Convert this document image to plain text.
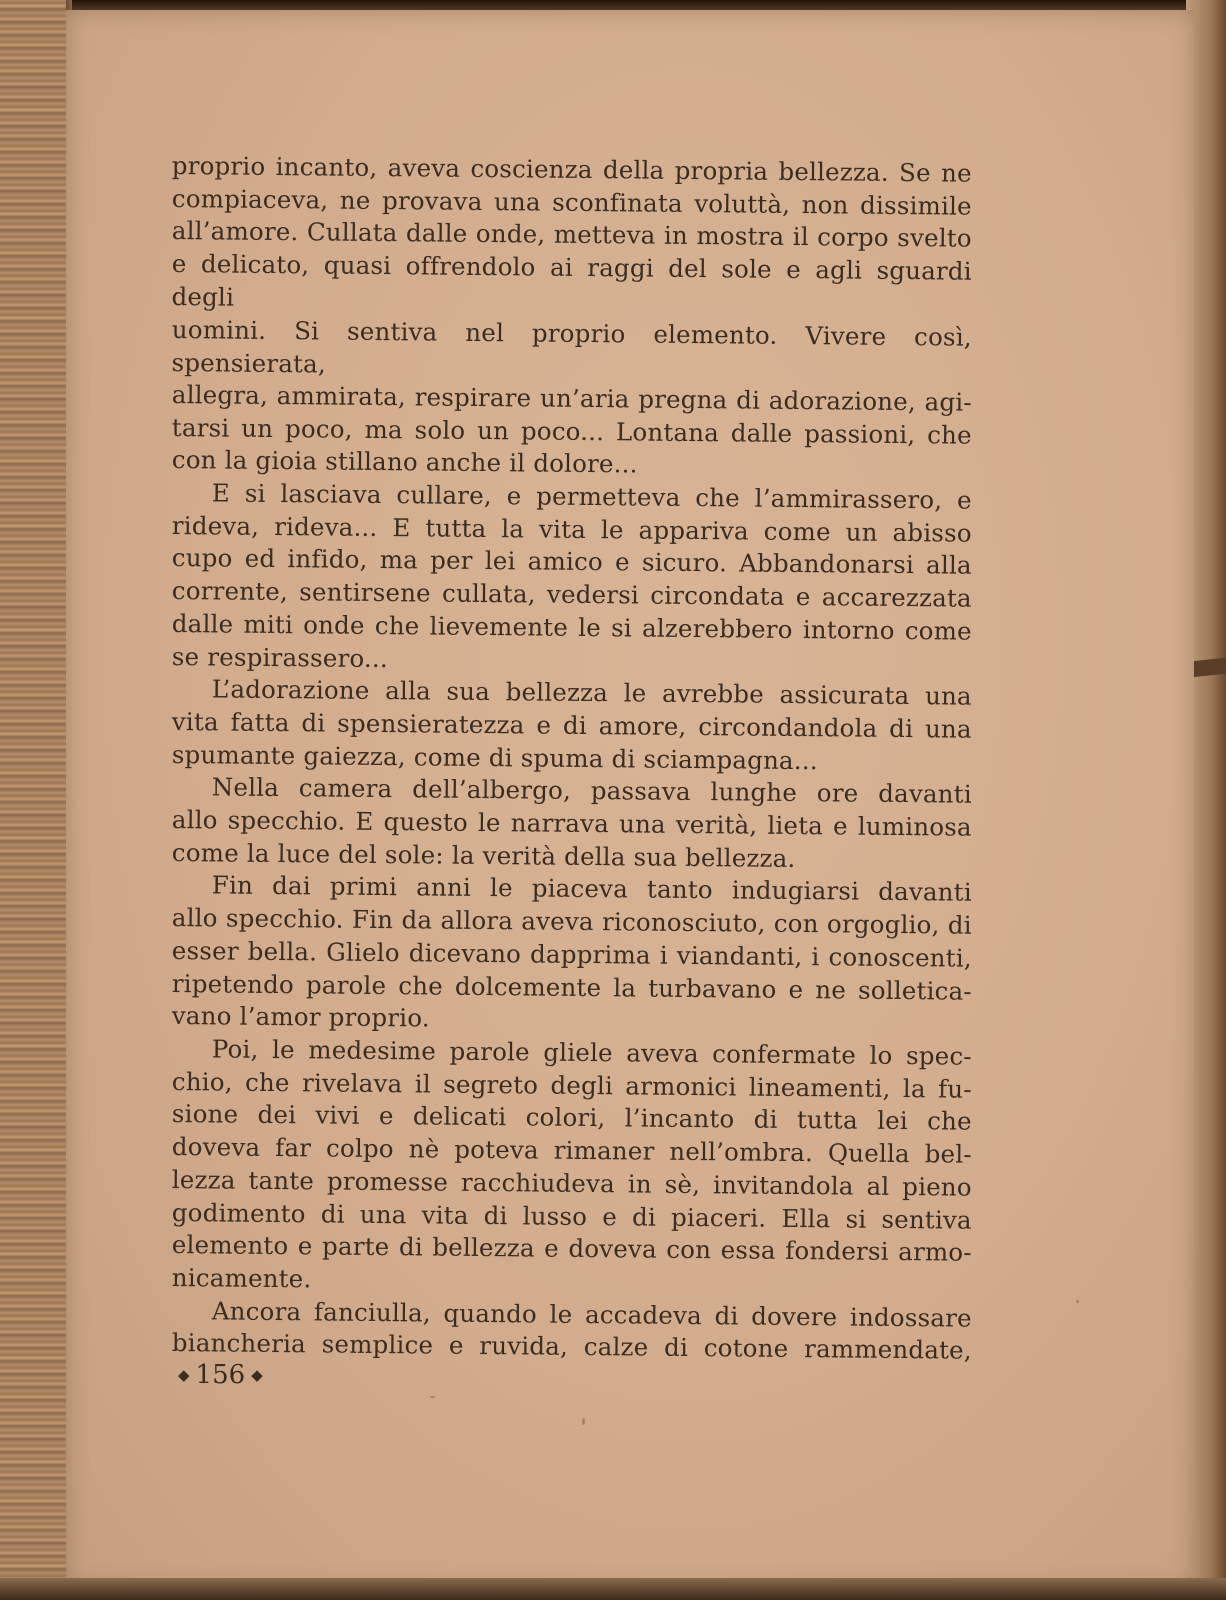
proprio incanto, aveva coscienza della propria bellezza. Se ne

compiaceva, ne provava una sconfinata voluttà, non dissimile

all’amore. Cullata dalle onde, metteva in mostra il corpo svelto

e delicato, quasi offrendolo ai raggi del sole e agli sguardi degli

uomini. Si sentiva nel proprio elemento. Vivere così, spensierata,

allegra, ammirata, respirare un’aria pregna di adorazione, agi-

tarsi un poco, ma solo un poco... Lontana dalle passioni, che

con la gioia stillano anche il dolore...

E si lasciava cullare, e permetteva che l’ammirassero, e

rideva, rideva... E tutta la vita le appariva come un abisso

cupo ed infido, ma per lei amico e sicuro. Abbandonarsi alla

corrente, sentirsene cullata, vedersi circondata e accarezzata

dalle miti onde che lievemente le si alzerebbero intorno come

se respirassero...

L’adorazione alla sua bellezza le avrebbe assicurata una

vita fatta di spensieratezza e di amore, circondandola di una

spumante gaiezza, come di spuma di sciampagna...

Nella camera dell’albergo, passava lunghe ore davanti

allo specchio. E questo le narrava una verità, lieta e luminosa

come la luce del sole: la verità della sua bellezza.

Fin dai primi anni le piaceva tanto indugiarsi davanti

allo specchio. Fin da allora aveva riconosciuto, con orgoglio, di

esser bella. Glielo dicevano dapprima i viandanti, i conoscenti,

ripetendo parole che dolcemente la turbavano e ne solletica-

vano l’amor proprio.

Poi, le medesime parole gliele aveva confermate lo spec-

chio, che rivelava il segreto degli armonici lineamenti, la fu-

sione dei vivi e delicati colori, l’incanto di tutta lei che

doveva far colpo nè poteva rimaner nell’ombra. Quella bel-

lezza tante promesse racchiudeva in sè, invitandola al pieno

godimento di una vita di lusso e di piaceri. Ella si sentiva

elemento e parte di bellezza e doveva con essa fondersi armo-

nicamente.

Ancora fanciulla, quando le accadeva di dovere indossare

biancheria semplice e ruvida, calze di cotone rammendate,

◆ 156 ◆
